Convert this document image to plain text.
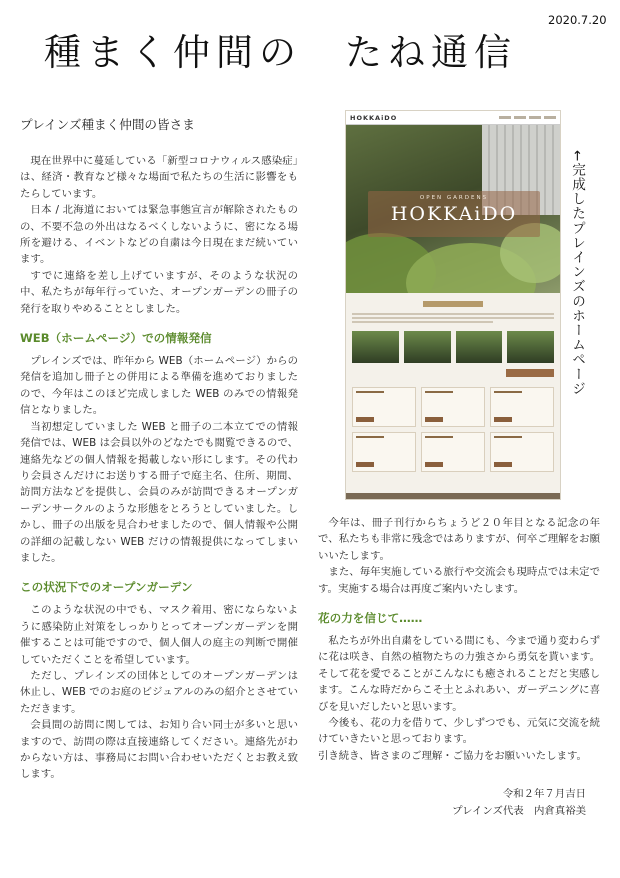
2020.7.20
種まく仲間の　たね通信

プレインズ種まく仲間の皆さま

現在世界中に蔓延している「新型コロナウィルス感染症」は、経済・教育など様々な場面で私たちの生活に影響をもたらしています。

日本 / 北海道においては緊急事態宣言が解除されたものの、不要不急の外出はなるべくしないように、密になる場所を避ける、イベントなどの自粛は今日現在まだ続いています。

すでに連絡を差し上げていますが、そのような状況の中、私たちが毎年行っていた、オープンガーデンの冊子の発行を取りやめることとしました。

WEB（ホームページ）での情報発信

プレインズでは、昨年から WEB（ホームページ）からの発信を追加し冊子との併用による準備を進めておりましたので、今年はこのほど完成しました WEB のみでの情報発信となりました。

当初想定していました WEB と冊子の二本立てでの情報発信では、WEB は会員以外のどなたでも閲覧できるので、連絡先などの個人情報を掲載しない形にします。その代わり会員さんだけにお送りする冊子で庭主名、住所、期間、訪問方法などを提供し、会員のみが訪問できるオープンガーデンサークルのような形態をとろうとしていました。しかし、冊子の出版を見合わせましたので、個人情報や公開の詳細の記載しない WEB だけの情報提供になってしまいました。

この状況下でのオープンガーデン

このような状況の中でも、マスク着用、密にならないように感染防止対策をしっかりとってオープンガーデンを開催することは可能ですので、個人個人の庭主の判断で開催していただくことを希望しています。

ただし、プレインズの団体としてのオープンガーデンは休止し、WEB でのお庭のビジュアルのみの紹介とさせていただきます。

会員間の訪問に関しては、お知り合い同士が多いと思いますので、訪問の際は直接連絡してください。連絡先がわからない方は、事務局にお問い合わせいただくとお教え致します。

HOKKAiDO
OPEN GARDENS
HOKKAiDO	←完成したプレインズのホームページ

今年は、冊子刊行からちょうど２０年目となる記念の年で、私たちも非常に残念ではありますが、何卒ご理解をお願いいたします。

また、毎年実施している旅行や交流会も現時点では未定です。実施する場合は再度ご案内いたします。

花の力を信じて……

私たちが外出自粛をしている間にも、今まで通り変わらずに花は咲き、自然の植物たちの力強さから勇気を貰います。そして花を愛でることがこんなにも癒されることだと実感します。こんな時だからこそ土とふれあい、ガーデニングに喜びを見いだしたいと思います。

今後も、花の力を借りて、少しずつでも、元気に交流を続けていきたいと思っております。

引き続き、皆さまのご理解・ご協力をお願いいたします。

令和２年７月吉日
プレインズ代表　内倉真裕美
